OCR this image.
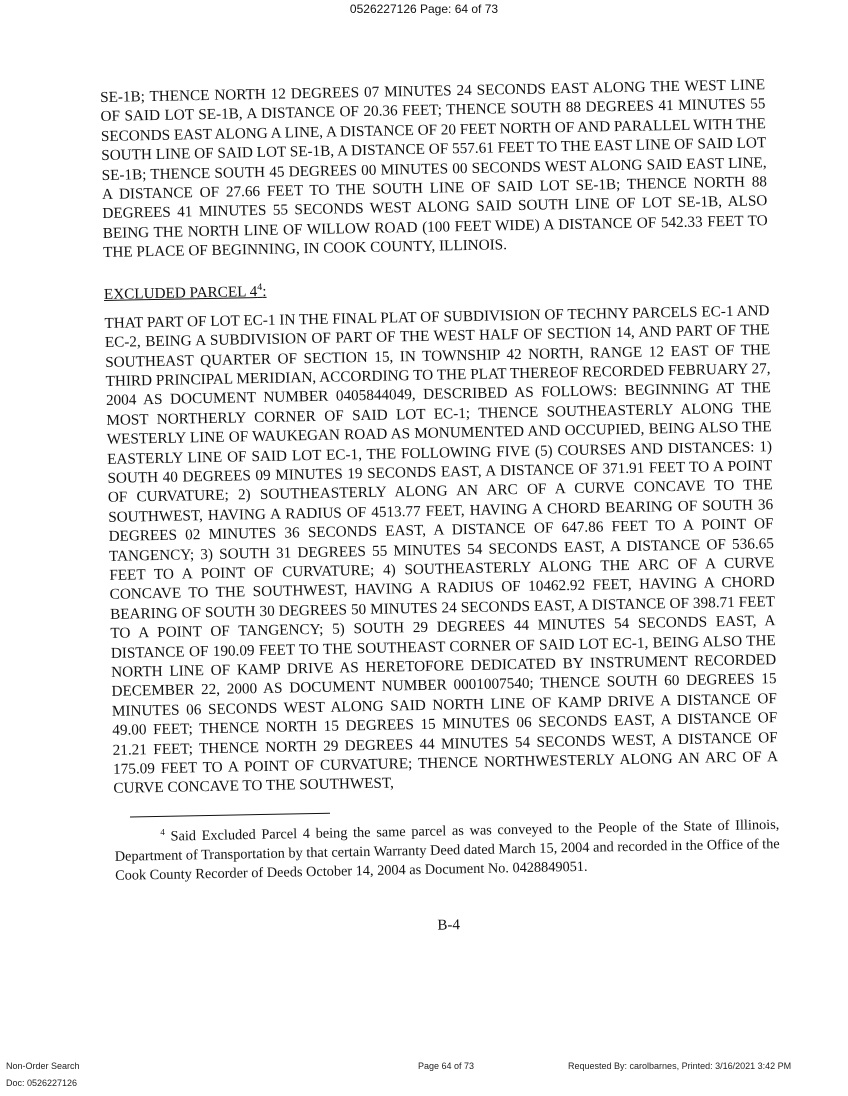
0526227126 Page: 64 of 73

SE-1B; THENCE NORTH 12 DEGREES 07 MINUTES 24 SECONDS EAST ALONG THE WEST LINE OF SAID LOT SE-1B, A DISTANCE OF 20.36 FEET; THENCE SOUTH 88 DEGREES 41 MINUTES 55 SECONDS EAST ALONG A LINE, A DISTANCE OF 20 FEET NORTH OF AND PARALLEL WITH THE SOUTH LINE OF SAID LOT SE-1B, A DISTANCE OF 557.61 FEET TO THE EAST LINE OF SAID LOT SE-1B; THENCE SOUTH 45 DEGREES 00 MINUTES 00 SECONDS WEST ALONG SAID EAST LINE, A DISTANCE OF 27.66 FEET TO THE SOUTH LINE OF SAID LOT SE-1B; THENCE NORTH 88 DEGREES 41 MINUTES 55 SECONDS WEST ALONG SAID SOUTH LINE OF LOT SE-1B, ALSO BEING THE NORTH LINE OF WILLOW ROAD (100 FEET WIDE) A DISTANCE OF 542.33 FEET TO THE PLACE OF BEGINNING, IN COOK COUNTY, ILLINOIS.

EXCLUDED PARCEL $4^4$:

THAT PART OF LOT EC-1 IN THE FINAL PLAT OF SUBDIVISION OF TECHNY PARCELS EC-1 AND EC-2, BEING A SUBDIVISION OF PART OF THE WEST HALF OF SECTION 14, AND PART OF THE SOUTHEAST QUARTER OF SECTION 15, IN TOWNSHIP 42 NORTH, RANGE 12 EAST OF THE THIRD PRINCIPAL MERIDIAN, ACCORDING TO THE PLAT THEREOF RECORDED FEBRUARY 27, 2004 AS DOCUMENT NUMBER 0405844049, DESCRIBED AS FOLLOWS: BEGINNING AT THE MOST NORTHERLY CORNER OF SAID LOT EC-1; THENCE SOUTHEASTERLY ALONG THE WESTERLY LINE OF WAUKEGAN ROAD AS MONUMENTED AND OCCUPIED, BEING ALSO THE EASTERLY LINE OF SAID LOT EC-1, THE FOLLOWING FIVE (5) COURSES AND DISTANCES: 1) SOUTH 40 DEGREES 09 MINUTES 19 SECONDS EAST, A DISTANCE OF 371.91 FEET TO A POINT OF CURVATURE; 2) SOUTHEASTERLY ALONG AN ARC OF A CURVE CONCAVE TO THE SOUTHWEST, HAVING A RADIUS OF 4513.77 FEET, HAVING A CHORD BEARING OF SOUTH 36 DEGREES 02 MINUTES 36 SECONDS EAST, A DISTANCE OF 647.86 FEET TO A POINT OF TANGENCY; 3) SOUTH 31 DEGREES 55 MINUTES 54 SECONDS EAST, A DISTANCE OF 536.65 FEET TO A POINT OF CURVATURE; 4) SOUTHEASTERLY ALONG THE ARC OF A CURVE CONCAVE TO THE SOUTHWEST, HAVING A RADIUS OF 10462.92 FEET, HAVING A CHORD BEARING OF SOUTH 30 DEGREES 50 MINUTES 24 SECONDS EAST, A DISTANCE OF 398.71 FEET TO A POINT OF TANGENCY; 5) SOUTH 29 DEGREES 44 MINUTES 54 SECONDS EAST, A DISTANCE OF 190.09 FEET TO THE SOUTHEAST CORNER OF SAID LOT EC-1, BEING ALSO THE NORTH LINE OF KAMP DRIVE AS HERETOFORE DEDICATED BY INSTRUMENT RECORDED DECEMBER 22, 2000 AS DOCUMENT NUMBER 0001007540; THENCE SOUTH 60 DEGREES 15 MINUTES 06 SECONDS WEST ALONG SAID NORTH LINE OF KAMP DRIVE A DISTANCE OF 49.00 FEET; THENCE NORTH 15 DEGREES 15 MINUTES 06 SECONDS EAST, A DISTANCE OF 21.21 FEET; THENCE NORTH 29 DEGREES 44 MINUTES 54 SECONDS WEST, A DISTANCE OF 175.09 FEET TO A POINT OF CURVATURE; THENCE NORTHWESTERLY ALONG AN ARC OF A CURVE CONCAVE TO THE SOUTHWEST,

$^4$ Said Excluded Parcel 4 being the same parcel as was conveyed to the People of the State of Illinois, Department of Transportation by that certain Warranty Deed dated March 15, 2004 and recorded in the Office of the Cook County Recorder of Deeds October 14, 2004 as Document No. 0428849051.

B-4
Non-Order Search
Doc: 0526227126
Page 64 of 73	Requested By: carolbarnes, Printed: 3/16/2021 3:42 PM
